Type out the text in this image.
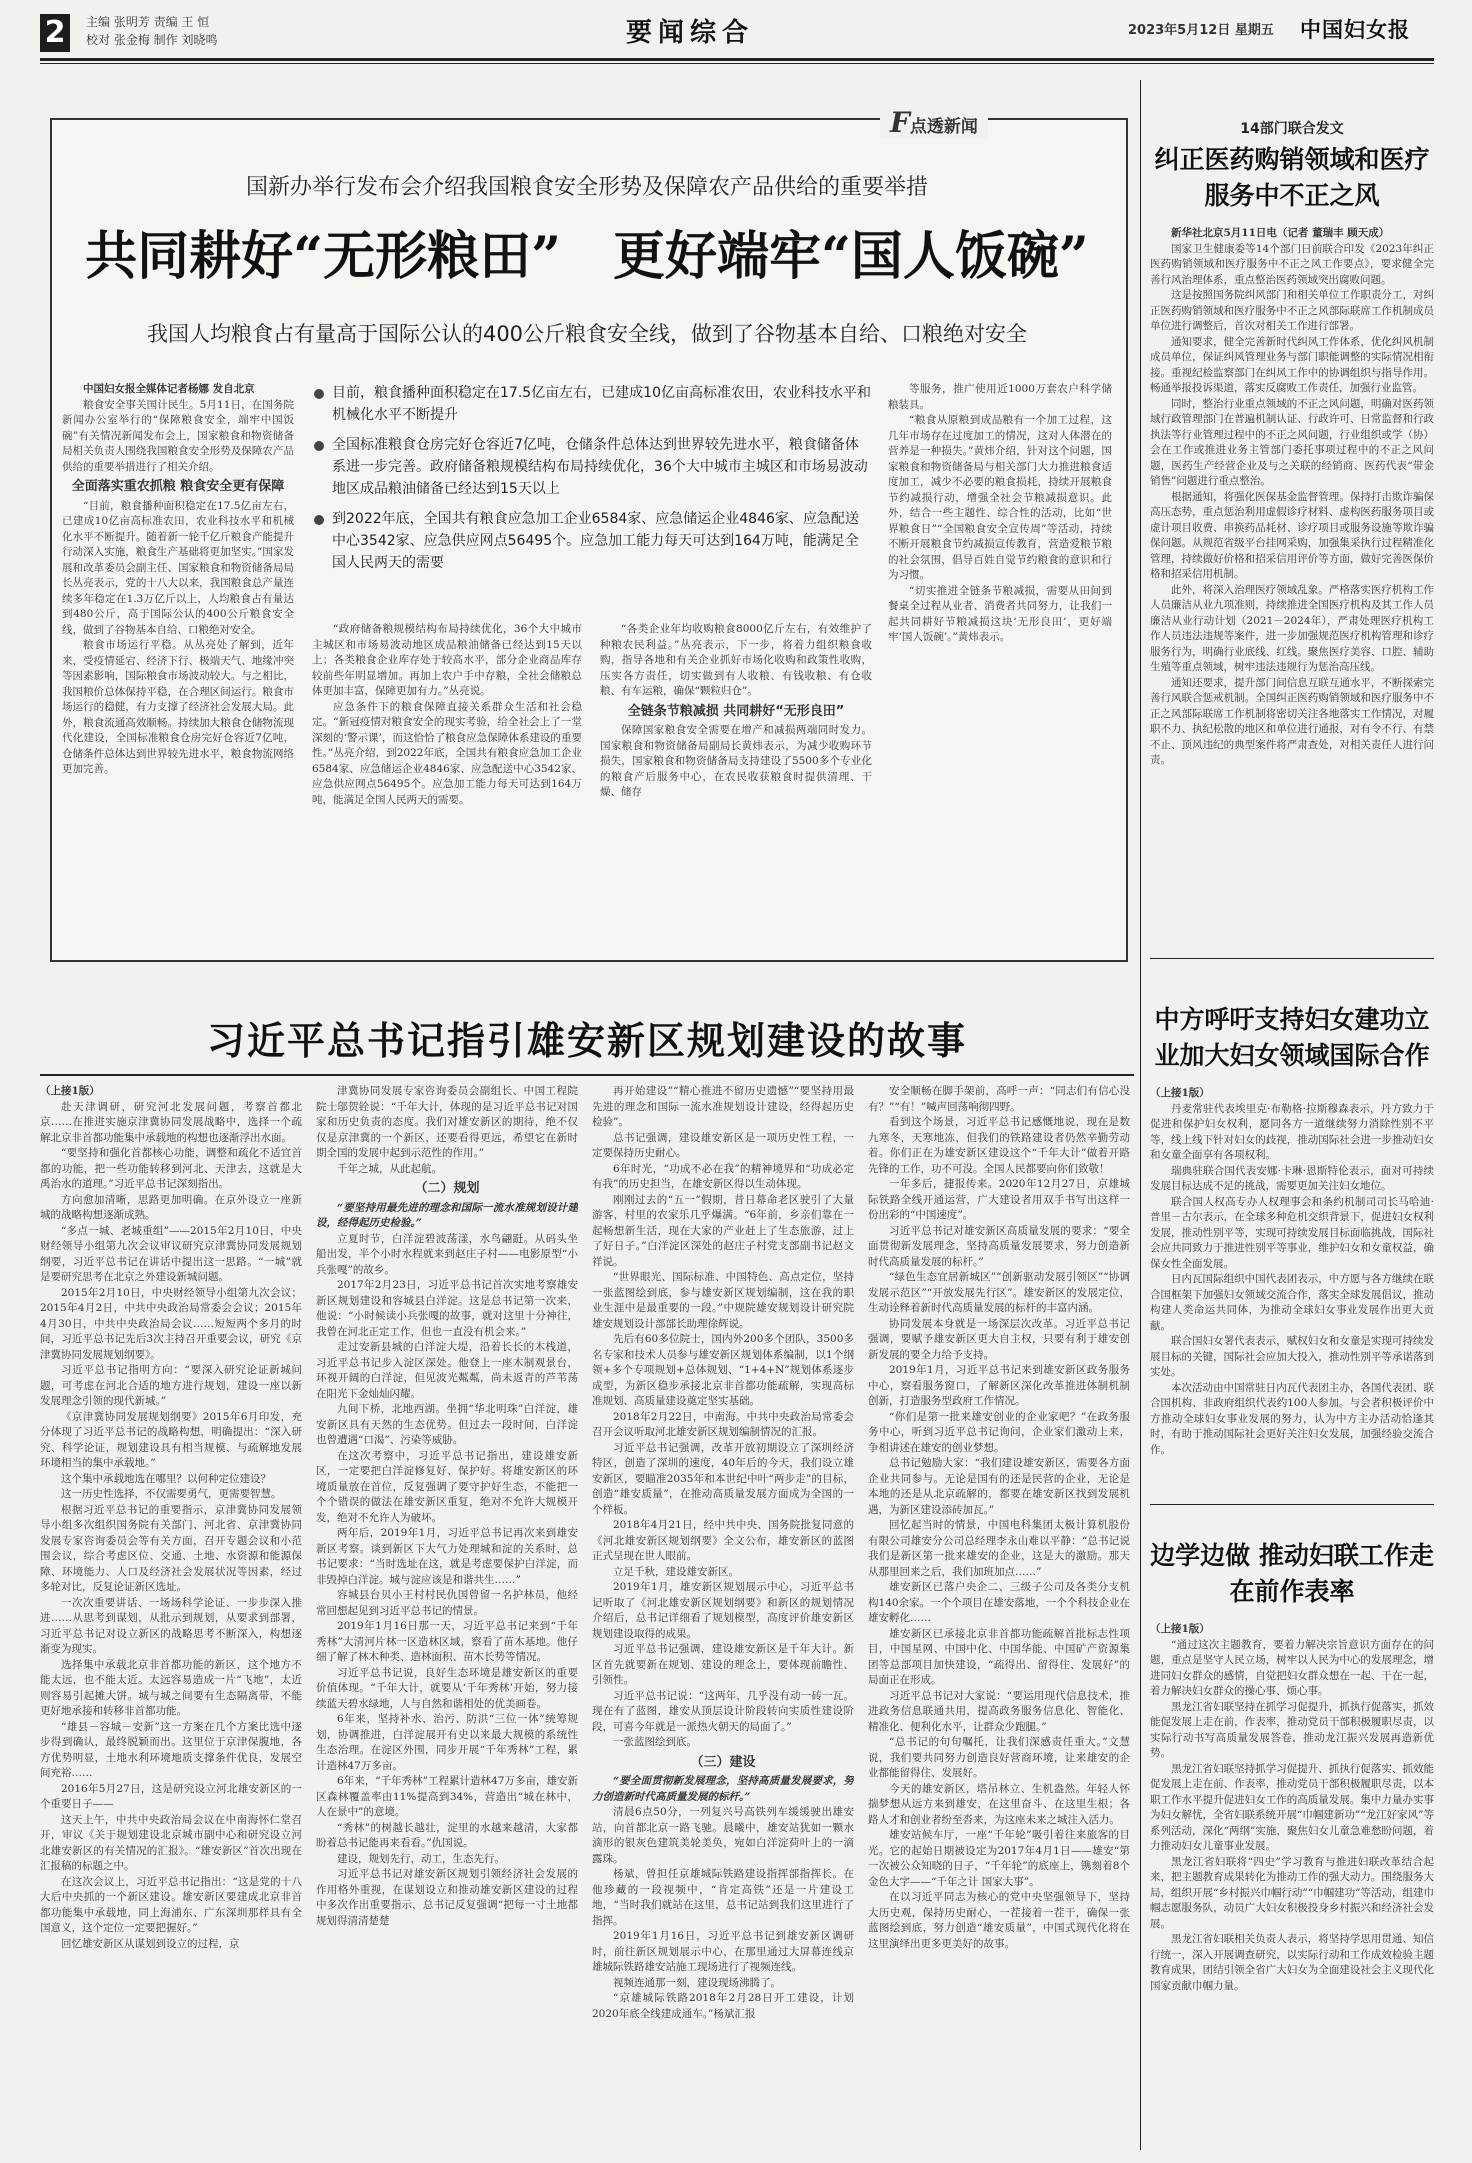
2	主编 张明芳 责编 王 恒
校对 张金梅 制作 刘晓鸣	要闻综合	2023年5月12日 星期五 中国妇女报
F点透新闻
国新办举行发布会介绍我国粮食安全形势及保障农产品供给的重要举措
共同耕好“无形粮田”　更好端牢“国人饭碗”
我国人均粮食占有量高于国际公认的400公斤粮食安全线，做到了谷物基本自给、口粮绝对安全

中国妇女报全媒体记者杨娜 发自北京

粮食安全事关国计民生。5月11日，在国务院新闻办公室举行的“保障粮食安全，端牢中国饭碗”有关情况新闻发布会上，国家粮食和物资储备局相关负责人围绕我国粮食安全形势及保障农产品供给的重要举措进行了相关介绍。

全面落实重农抓粮 粮食安全更有保障

“目前，粮食播种面积稳定在17.5亿亩左右，已建成10亿亩高标准农田，农业科技水平和机械化水平不断提升。随着新一轮千亿斤粮食产能提升行动深入实施，粮食生产基础将更加坚实。”国家发展和改革委员会副主任、国家粮食和物资储备局局长丛亮表示，党的十八大以来，我国粮食总产量连续多年稳定在1.3万亿斤以上，人均粮食占有量达到480公斤，高于国际公认的400公斤粮食安全线，做到了谷物基本自给、口粮绝对安全。

粮食市场运行平稳。从丛亮处了解到，近年来，受疫情延宕、经济下行、极端天气、地缘冲突等因素影响，国际粮食市场波动较大。与之相比，我国粮价总体保持平稳，在合理区间运行。粮食市场运行的稳健，有力支撑了经济社会发展大局。此外，粮食流通高效顺畅。持续加大粮食仓储物流现代化建设，全国标准粮食仓房完好仓容近7亿吨，仓储条件总体达到世界较先进水平，粮食物流网络更加完善。

目前，粮食播种面积稳定在17.5亿亩左右，已建成10亿亩高标准农田，农业科技水平和机械化水平不断提升
全国标准粮食仓房完好仓容近7亿吨，仓储条件总体达到世界较先进水平，粮食储备体系进一步完善。政府储备粮规模结构布局持续优化，36个大中城市主城区和市场易波动地区成品粮油储备已经达到15天以上
到2022年底，全国共有粮食应急加工企业6584家、应急储运企业4846家、应急配送中心3542家、应急供应网点56495个。应急加工能力每天可达到164万吨，能满足全国人民两天的需要

“政府储备粮规模结构布局持续优化，36个大中城市主城区和市场易波动地区成品粮油储备已经达到15天以上；各类粮食企业库存处于较高水平，部分企业商品库存较前些年明显增加。再加上农户手中存粮，全社会储粮总体更加丰富，保障更加有力。”丛亮说。

应急条件下的粮食保障直接关系群众生活和社会稳定。“新冠疫情对粮食安全的现实考验，给全社会上了一堂深刻的‘警示课’，而这恰恰了粮食应急保障体系建设的重要性。”丛亮介绍，到2022年底，全国共有粮食应急加工企业6584家、应急储运企业4846家、应急配送中心3542家、应急供应网点56495个。应急加工能力每天可达到164万吨，能满足全国人民两天的需要。

“各类企业年均收购粮食8000亿斤左右，有效维护了种粮农民利益。”丛亮表示，下一步，将着力组织粮食收购，指导各地和有关企业抓好市场化收购和政策性收购，压实各方责任，切实做到有人收粮、有钱收粮、有仓收粮、有车运粮，确保“颗粒归仓”。

全链条节粮减损 共同耕好“无形良田”

保障国家粮食安全需要在增产和减损两端同时发力。国家粮食和物资储备局副局长黄炜表示，为减少收购环节损失，国家粮食和物资储备局支持建设了5500多个专业化的粮食产后服务中心，在农民收获粮食时提供清理、干燥、储存

等服务，推广使用近1000万套农户科学储粮装具。

“粮食从原粮到成品粮有一个加工过程，这几年市场存在过度加工的情况，这对人体潜在的营养是一种损失。”黄炜介绍，针对这个问题，国家粮食和物资储备局与相关部门大力推进粮食适度加工，减少不必要的粮食损耗，持续开展粮食节约减损行动，增强全社会节粮减损意识。此外，结合一些主题性、综合性的活动，比如“世界粮食日”“全国粮食安全宣传周”等活动，持续不断开展粮食节约减损宣传教育，营造爱粮节粮的社会氛围，倡导百姓自觉节约粮食的意识和行为习惯。

“切实推进全链条节粮减损，需要从田间到餐桌全过程从业者、消费者共同努力，让我们一起共同耕好节粮减损这块‘无形良田’，更好端牢‘国人饭碗’。”黄炜表示。

习近平总书记指引雄安新区规划建设的故事

（上接1版）

赴天津调研，研究河北发展问题，考察首都北京……在推进实施京津冀协同发展战略中，选择一个疏解北京非首都功能集中承载地的构想也逐渐浮出水面。

“要坚持和强化首都核心功能，调整和疏化不适宜首都的功能，把一些功能转移到河北、天津去，这就是大禹治水的道理。”习近平总书记深刻指出。

方向愈加清晰，思路更加明确。在京外设立一座新城的战略构想逐渐成熟。

“多点一城、老城重组”——2015年2月10日，中央财经领导小组第九次会议审议研究京津冀协同发展规划纲要，习近平总书记在讲话中提出这一思路。“一城”就是要研究思考在北京之外建设新城问题。

2015年2月10日，中央财经领导小组第九次会议；2015年4月2日，中共中央政治局常委会会议；2015年4月30日，中共中央政治局会议……短短两个多月的时间，习近平总书记先后3次主持召开重要会议，研究《京津冀协同发展规划纲要》。

习近平总书记指明方向：“要深入研究论证新城问题，可考虑在河北合适的地方进行规划，建设一座以新发展理念引领的现代新城。”

《京津冀协同发展规划纲要》2015年6月印发，充分体现了习近平总书记的战略构想，明确提出：“深入研究、科学论证，规划建设具有相当规模、与疏解地发展环境相当的集中承载地。”

这个集中承载地选在哪里？以何种定位建设？

这一历史性选择，不仅需要勇气，更需要智慧。

根据习近平总书记的重要指示，京津冀协同发展领导小组多次组织国务院有关部门、河北省、京津冀协同发展专家咨询委员会等有关方面，召开专题会议和小范围会议，综合考虑区位、交通、土地、水资源和能源保障、环境能力、人口及经济社会发展状况等因素，经过多轮对比，反复论证新区选址。

一次次重要讲话、一场场科学论证、一步步深入推进……从思考到谋划，从批示到规划，从要求到部署，习近平总书记对设立新区的战略思考不断深入，构想逐渐变为现实。

选择集中承载北京非首都功能的新区，这个地方不能太远，也不能太近。太远容易造成一片“飞地”，太近则容易引起摊大饼。城与城之间要有生态隔离带，不能更好地承接和转移非首都功能。

“雄县－容城－安新”这一方案在几个方案比选中逐步得到确认，最终脱颖而出。这里位于京津保腹地，各方优势明显，土地水利环境地质支撑条件优良，发展空间充裕……

2016年5月27日，这是研究设立河北雄安新区的一个重要日子——

这天上午，中共中央政治局会议在中南海怀仁堂召开，审议《关于规划建设北京城市副中心和研究设立河北雄安新区的有关情况的汇报》。“雄安新区”首次出现在汇报稿的标题之中。

在这次会议上，习近平总书记指出：“这是党的十八大后中央抓的一个新区建设。雄安新区要建成北京非首都功能集中承载地，同上海浦东、广东深圳那样具有全国意义，这个定位一定要把握好。”

回忆雄安新区从谋划到设立的过程，京

津冀协同发展专家咨询委员会副组长、中国工程院院士邬贺铨说：“千年大计，体现的是习近平总书记对国家和历史负责的态度。我们对雄安新区的期待，绝不仅仅是京津冀的一个新区，还要看得更远，希望它在新时期全国的发展中起到示范性的作用。”

千年之城，从此起航。

（二）规划

“要坚持用最先进的理念和国际一流水准规划设计建设，经得起历史检验。”

立夏时节，白洋淀碧波荡漾，水鸟翩跹。从码头坐船出发，半个小时水程就来到赵庄子村——电影原型“小兵张嘎”的故乡。

2017年2月23日，习近平总书记首次实地考察雄安新区规划建设和容城县白洋淀。这是总书记第一次来，他说：“小时候读小兵张嘎的故事，就对这里十分神往，我曾在河北正定工作，但也一直没有机会来。”

走过安新县城的白洋淀大堤，沿着长长的木栈道，习近平总书记步入淀区深处。他登上一座木制观景台，环视开阔的白洋淀，但见波光粼粼，尚未返青的芦苇荡在阳光下金灿灿闪耀。

九间下桥，北地西湖。坐拥“华北明珠”白洋淀，雄安新区具有天然的生态优势。但过去一段时间，白洋淀也曾遭遇“口渴”、污染等威胁。

在这次考察中，习近平总书记指出，建设雄安新区，一定要把白洋淀修复好、保护好。将雄安新区的环境质量放在首位，反复强调了要守护好生态，不能把一个个错误的做法在雄安新区重复，绝对不允许大规模开发，绝对不允许人为破坏。

两年后，2019年1月，习近平总书记再次来到雄安新区考察。谈到新区下大气力处理城和淀的关系时，总书记要求：“当时选址在这，就是考虑要保护白洋淀，而非毁掉白洋淀。城与淀应该是和谐共生……”

容城县台贝小王村村民仇国曾留一名护林员，他经常回想起见到习近平总书记的情景。

2019年1月16日那一天，习近平总书记来到“千年秀林”大清河片林一区造林区域，察看了苗木基地。他仔细了解了林木种类、造林面积、苗木长势等情况。

习近平总书记说，良好生态环境是雄安新区的重要价值体现。“千年大计，就要从‘千年秀林’开始，努力接续蓝天碧水绿地，人与自然和谐相处的优美画卷。

6年来，坚持补水、治污、防洪“三位一体”统筹规划，协调推进，白洋淀展开有史以来最大规模的系统性生态治理。在淀区外围，同步开展“千年秀林”工程，累计造林47万多亩。

6年来，“千年秀林”工程累计造林47万多亩，雄安新区森林覆盖率由11%提高到34%，营造出“城在林中，人在景中”的意境。

“秀林”的树越长越壮，淀里的水越来越清，大家都盼着总书记能再来看看。”仇国说。

建设，规划先行，动工，生态先行。

习近平总书记对雄安新区规划引领经济社会发展的作用格外重视，在谋划设立和推动雄安新区建设的过程中多次作出重要指示，总书记反复强调“把每一寸土地都规划得清清楚楚

再开始建设”“精心推进不留历史遗憾”“要坚持用最先进的理念和国际一流水准规划设计建设，经得起历史检验”。

总书记强调，建设雄安新区是一项历史性工程，一定要保持历史耐心。

6年时光，“功成不必在我”的精神境界和“功成必定有我”的历史担当，在雄安新区得以生动体现。

刚刚过去的“五一”假期，昔日幕命老区驶引了大量游客，村里的农家乐几乎爆满。“6年前，乡亲们靠在一起畅想新生活，现在大家的产业赶上了生态旅游，过上了好日子。”白洋淀区深处的赵庄子村党支部副书记赵文祥说。

“世界眼光、国际标准、中国特色、高点定位，坚持一张蓝图绘到底，参与雄安新区规划编制，这在我的职业生涯中是最重要的一段。”中规院雄安规划设计研究院雄安规划设计部部长助理徐辉说。

先后有60多位院士，国内外200多个团队，3500多名专家和技术人员参与雄安新区规划体系编制，以1个纲领+多个专项规划+总体规划、“1+4+N”规划体系逐步成型，为新区稳步承接北京非首都功能疏解，实现高标准规划、高质量建设奠定坚实基础。

2018年2月22日，中南海。中共中央政治局常委会召开会议听取河北雄安新区规划编制情况的汇报。

习近平总书记强调，改革开放初期设立了深圳经济特区，创造了深圳的速度，40年后的今天，我们设立雄安新区，要瞄准2035年和本世纪中叶“两步走”的目标，创造“雄安质量”，在推动高质量发展方面成为全国的一个样板。

2018年4月21日，经中共中央、国务院批复同意的《河北雄安新区规划纲要》全文公布，雄安新区的蓝图正式呈现在世人眼前。

立足千秋，建设雄安新区。

2019年1月，雄安新区规划展示中心，习近平总书记听取了《河北雄安新区规划纲要》和新区的规划情况介绍后，总书记详细看了规划模型，高度评价雄安新区规划建设取得的成果。

习近平总书记强调，建设雄安新区是千年大计。新区首先就要新在规划、建设的理念上，要体现前瞻性、引领性。

习近平总书记说：“这两年，几乎没有动一砖一瓦。现在有了蓝图，雄安从顶层设计阶段转向实质性建设阶段，可喜今年就是一派热火朝天的局面了。”

一张蓝图绘到底。

（三）建设

“要全面贯彻新发展理念，坚持高质量发展要求，努力创造新时代高质量发展的标杆。”

清晨6点50分，一列复兴号高铁列车缓缓驶出雄安站，向首都北京一路飞驰。晨曦中，雄安站犹如一颗水滴形的银灰色建筑美轮美奂，宛如白洋淀荷叶上的一滴露珠。

杨斌，曾担任京雄城际铁路建设指挥部指挥长。在他珍藏的一段视频中，“肯定高铁”还是一片建设工地，“当时我们就站在这里，总书记站到我们这里进行了指挥。

2019年1月16日，习近平总书记到雄安新区调研时，前往新区规划展示中心，在那里通过大屏幕连线京雄城际铁路雄安站施工现场进行了视频连线。

视频连通那一刻，建设现场沸腾了。

“京雄城际铁路2018年2月28日开工建设，计划2020年底全线建成通车。”杨斌汇报

安全顺畅在脚手架前，高呼一声：“同志们有信心没有？”“有！”喊声回荡响彻四野。

看到这个场景，习近平总书记感慨地说，现在是数九寒冬，天寒地冻，但我们的铁路建设者仍然辛勤劳动着。你们正在为雄安新区建设这个“千年大计”做着开路先锋的工作，功不可没。全国人民都要向你们致敬！

一年多后，捷报传来。2020年12月27日，京雄城际铁路全线开通运营，广大建设者用双手书写出这样一份出彩的“中国速度”。

习近平总书记对雄安新区高质量发展的要求：“要全面贯彻新发展理念，坚持高质量发展要求，努力创造新时代高质量发展的标杆。”

“绿色生态宜居新城区”“创新驱动发展引领区”“协调发展示范区”“开放发展先行区”。雄安新区的发展定位，生动诠释着新时代高质量发展的标杆的丰富内涵。

协同发展本身就是一场深层次改革。习近平总书记强调，要赋予雄安新区更大自主权，只要有利于雄安创新发展的要全力给予支持。

2019年1月，习近平总书记来到雄安新区政务服务中心，察看服务窗口，了解新区深化改革推进体制机制创新，打造服务型政府工作情况。

“你们是第一批来雄安创业的企业家吧？”在政务服务中心，听到习近平总书记询问，企业家们激动上来，争相讲述在雄安的创业梦想。

总书记勉励大家：“我们建设雄安新区，需要各方面企业共同参与。无论是国有的还是民营的企业，无论是本地的还是从北京疏解的，都要在雄安新区找到发展机遇，为新区建设添砖加瓦。”

回忆起当时的情景，中国电科集团太极计算机股份有限公司雄安分公司总经理李永山难以平静：“总书记说我们是新区第一批来雄安的企业，这是大的激励。那天从那里回来之后，我们加班加点……”

雄安新区已落户央企二、三级子公司及各类分支机构140余家。一个个项目在雄安落地，一个个科技企业在雄安孵化……

雄安新区已承接北京非首都功能疏解首批标志性项目，中国星网、中国中化、中国华能、中国矿产资源集团等总部项目加快建设，“疏得出、留得住、发展好”的局面正在形成。

习近平总书记对大家说：“要运用现代信息技术，推进政务信息联通共用，提高政务服务信息化、智能化、精准化、便利化水平，让群众少跑腿。”

“总书记的句句嘱托，让我们深感责任重大。”文慧说，我们要共同努力创造良好营商环境，让来雄安的企业都能留得住、发展好。

今天的雄安新区，塔吊林立、生机盎然。年轻人怀揣梦想从远方来到雄安，在这里奋斗、在这里生根；各路人才和创业者纷至沓来，为这座未来之城注入活力。

雄安站候车厅，一座“千年轮”吸引着往来旅客的目光。它的起始日期被设定为2017年4月1日——雄安“第一次被公众知晓的日子，“千年轮”的底座上，镌刻着8个金色大字——“千年之计 国家大事”。

在以习近平同志为核心的党中央坚强领导下，坚持大历史观，保持历史耐心，一茬接着一茬干，确保一张蓝图绘到底，努力创造“雄安质量”，中国式现代化将在这里演绎出更多更美好的故事。

14部门联合发文
纠正医药购销领域和医疗服务中不正之风

新华社北京5月11日电（记者 董瑞丰 顾天成）

国家卫生健康委等14个部门日前联合印发《2023年纠正医药购销领域和医疗服务中不正之风工作要点》，要求健全完善行风治理体系，重点整治医药领域突出腐败问题。

这是按照国务院纠风部门和相关单位工作职责分工，对纠正医药购销领域和医疗服务中不正之风部际联席工作机制成员单位进行调整后，首次对相关工作进行部署。

通知要求，健全完善新时代纠风工作体系，优化纠风机制成员单位，保证纠风管理业务与部门职能调整的实际情况相衔接。重视纪检监察部门在纠风工作中的协调组织与指导作用。畅通举报投诉渠道，落实反腐败工作责任，加强行业监管。

同时，整治行业重点领域的不正之风问题，明确对医药领域行政管理部门在普遍机制认证、行政许可、日常监督和行政执法等行业管理过程中的不正之风问题，行业组织或学（协）会在工作或推进业务主管部门委托事项过程中的不正之风问题，医药生产经营企业及与之关联的经销商、医药代表“带金销售”问题进行重点整治。

根据通知，将强化医保基金监督管理。保持打击欺诈骗保高压态势，重点惩治利用虚假诊疗材料、虚构医药服务项目或虚计项目收费、串换药品耗材、诊疗项目或服务设施等欺诈骗保问题。从规范省级平台挂网采购，加强集采执行过程精准化管理，持续做好价格和招采信用评价等方面，做好完善医保价格和招采信用机制。

此外，将深入治理医疗领域乱象。严格落实医疗机构工作人员廉洁从业九项准则，持续推进全国医疗机构及其工作人员廉洁从业行动计划（2021－2024年），严肃处理医疗机构工作人员违法违规等案件，进一步加强规范医疗机构管理和诊疗服务行为，明确行业底线、红线。聚焦医疗美容、口腔、辅助生殖等重点领域，树牢违法违规行为惩治高压线。

通知还要求，提升部门间信息互联互通水平，不断探索完善行风联合惩戒机制。全国纠正医药购销领域和医疗服务中不正之风部际联席工作机制将密切关注各地落实工作情况，对履职不力、执纪松散的地区和单位进行通报，对有令不行、有禁不止、顶风违纪的典型案件将严肃查处，对相关责任人进行问责。

中方呼吁支持妇女建功立业加大妇女领域国际合作

（上接1版）

丹麦常驻代表埃里克·布勒格·拉斯穆森表示，丹方致力于促进和保护妇女权利，愿同各方一道继续努力消除性别不平等，线上线下针对妇女的歧视，推动国际社会进一步推动妇女和女童全面享有各项权利。

瑞典驻联合国代表安娜·卡琳·恩斯特伦表示，面对可持续发展目标达成不足的挑战，需要更加关注妇女地位。

联合国人权高专办人权理事会和条约机制司司长马哈迪·普里－古尔表示，在全球多种危机交织背景下，促进妇女权利发展，推动性别平等，实现可持续发展目标面临挑战，国际社会应共同致力于推进性别平等事业，维护妇女和女童权益，确保女性全面发展。

日内瓦国际组织中国代表团表示，中方愿与各方继续在联合国框架下加强妇女领域交流合作，落实全球发展倡议，推动构建人类命运共同体，为推动全球妇女事业发展作出更大贡献。

联合国妇女署代表表示，赋权妇女和女童是实现可持续发展目标的关键，国际社会应加大投入，推动性别平等承诺落到实处。

本次活动由中国常驻日内瓦代表团主办，各国代表团、联合国机构、非政府组织代表约100人参加。与会者积极评价中方推动全球妇女事业发展的努力，认为中方主办活动恰逢其时，有助于推动国际社会更好关注妇女发展，加强经验交流合作。

边学边做 推动妇联工作走在前作表率

（上接1版）

“通过这次主题教育，要着力解决宗旨意识方面存在的问题，重点是坚守人民立场，树牢以人民为中心的发展理念，增进同妇女群众的感情，自觉把妇女群众想在一起、干在一起，着力解决妇女群众的操心事、烦心事。

黑龙江省妇联坚持在抓学习促提升，抓执行促落实，抓效能促发展上走在前，作表率，推动党员干部积极履职尽责，以实际行动书写高质量发展答卷，推动龙江振兴发展再造新优势。

黑龙江省妇联坚持抓学习促提升、抓执行促落实、抓效能促发展上走在前、作表率，推动党员干部积极履职尽责，以本职工作水平提升促进妇女工作的高质量发展。集中力量办实事为妇女解忧，全省妇联系统开展“巾帼建新功”“龙江好家风”等系列活动，深化“两纲”实施，聚焦妇女儿童急难愁盼问题，着力推动妇女儿童事业发展。

黑龙江省妇联将“四史”学习教育与推进妇联改革结合起来，把主题教育成果转化为推动工作的强大动力。围绕服务大局，组织开展“乡村振兴巾帼行动”“巾帼建功”等活动，组建巾帼志愿服务队，动员广大妇女积极投身乡村振兴和经济社会发展。

黑龙江省妇联相关负责人表示，将坚持学思用贯通、知信行统一，深入开展调查研究，以实际行动和工作成效检验主题教育成果，团结引领全省广大妇女为全面建设社会主义现代化国家贡献巾帼力量。
